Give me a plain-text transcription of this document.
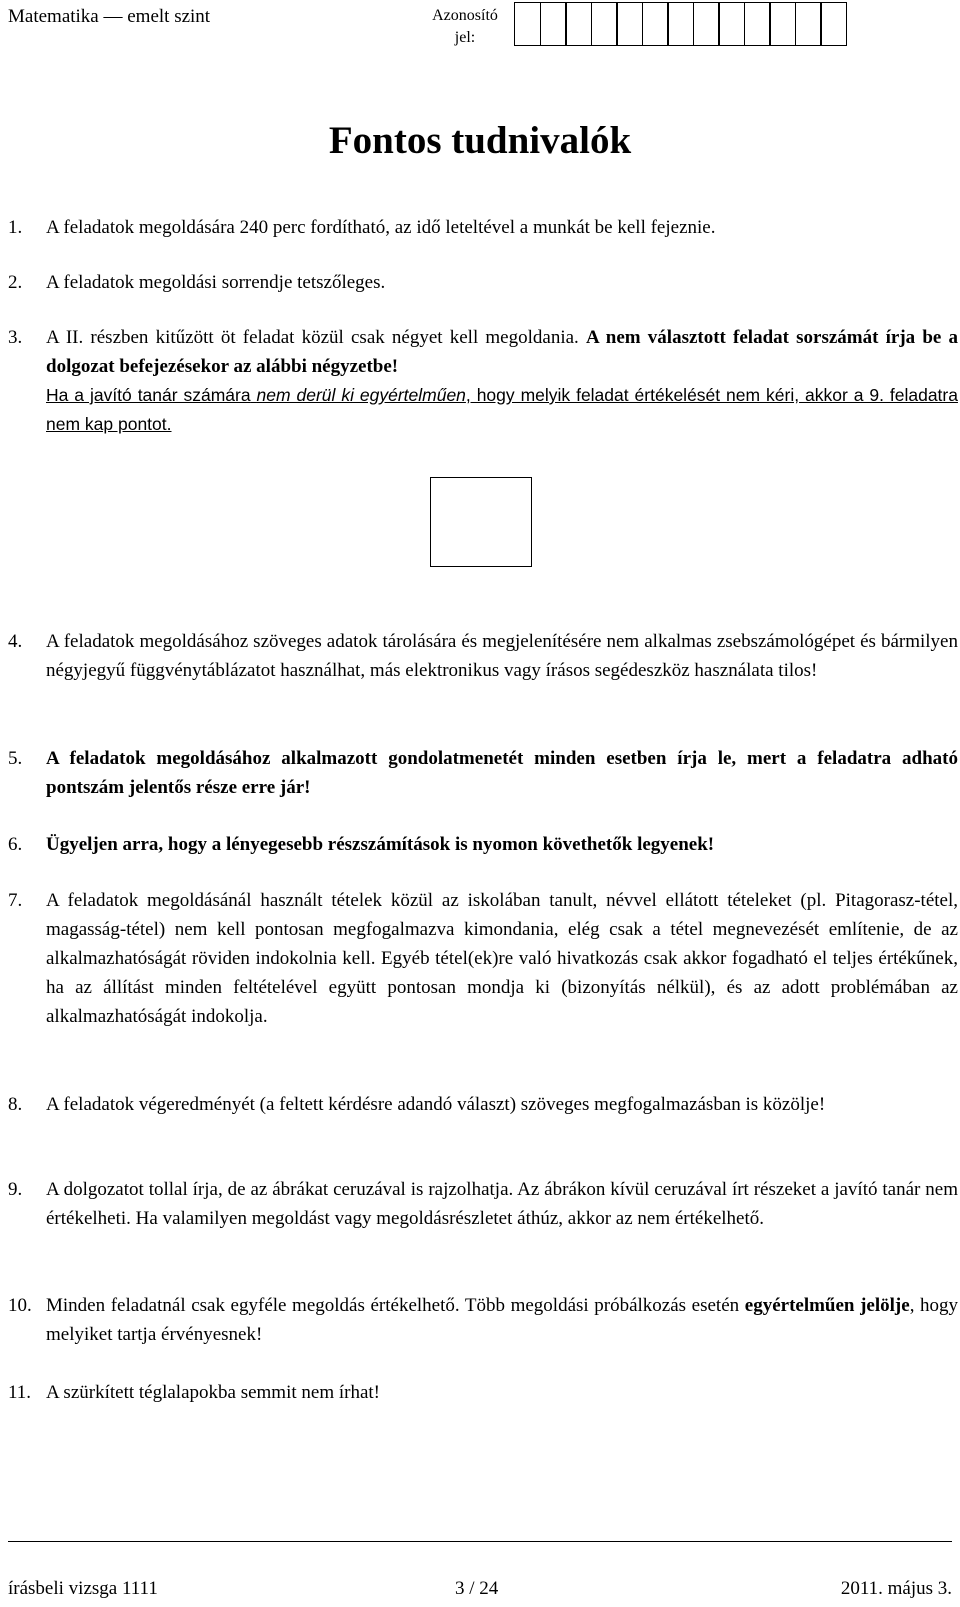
Matematika — emelt szint	Azonosító jel:
Fontos tudnivalók
1. A feladatok megoldására 240 perc fordítható, az idő leteltével a munkát be kell fejeznie.
2. A feladatok megoldási sorrendje tetszőleges.
3. A II. részben kitűzött öt feladat közül csak négyet kell megoldania. A nem választott feladat sorszámát írja be a dolgozat befejezésekor az alábbi négyzetbe!
Ha a javító tanár számára nem derül ki egyértelműen, hogy melyik feladat értékelését nem kéri, akkor a 9. feladatra nem kap pontot.
4. A feladatok megoldásához szöveges adatok tárolására és megjelenítésére nem alkalmas zsebszámológépet és bármilyen négyjegyű függvénytáblázatot használhat, más elektronikus vagy írásos segédeszköz használata tilos!
5. A feladatok megoldásához alkalmazott gondolatmenetét minden esetben írja le, mert a feladatra adható pontszám jelentős része erre jár!
6. Ügyeljen arra, hogy a lényegesebb részszámítások is nyomon követhetők legyenek!
7. A feladatok megoldásánál használt tételek közül az iskolában tanult, névvel ellátott tételeket (pl. Pitagorasz-tétel, magasság-tétel) nem kell pontosan megfogalmazva kimondania, elég csak a tétel megnevezését említenie, de az alkalmazhatóságát röviden indokolnia kell. Egyéb tétel(ek)re való hivatkozás csak akkor fogadható el teljes értékűnek, ha az állítást minden feltételével együtt pontosan mondja ki (bizonyítás nélkül), és az adott problémában az alkalmazhatóságát indokolja.
8. A feladatok végeredményét (a feltett kérdésre adandó választ) szöveges megfogalmazásban is közölje!
9. A dolgozatot tollal írja, de az ábrákat ceruzával is rajzolhatja. Az ábrákon kívül ceruzával írt részeket a javító tanár nem értékelheti. Ha valamilyen megoldást vagy megoldásrészletet áthúz, akkor az nem értékelhető.
10. Minden feladatnál csak egyféle megoldás értékelhető. Több megoldási próbálkozás esetén egyértelműen jelölje, hogy melyiket tartja érvényesnek!
11. A szürkített téglalapokba semmit nem írhat!
írásbeli vizsga 1111	3 / 24	2011. május 3.
